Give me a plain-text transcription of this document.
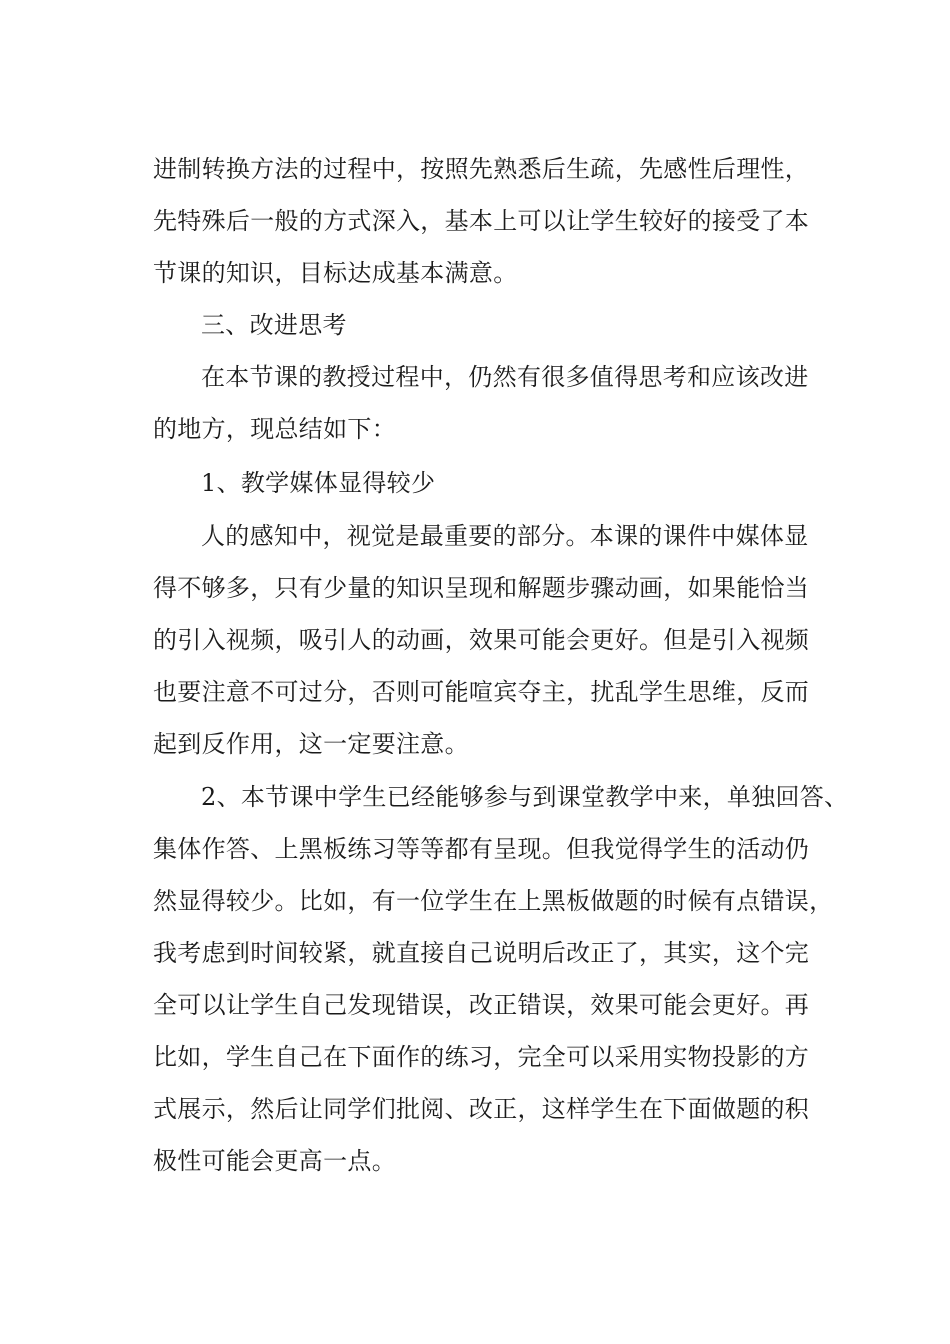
进制转换方法的过程中，按照先熟悉后生疏，先感性后理性，
先特殊后一般的方式深入，基本上可以让学生较好的接受了本
节课的知识，目标达成基本满意。
三、改进思考
在本节课的教授过程中，仍然有很多值得思考和应该改进
的地方，现总结如下：
1、教学媒体显得较少
人的感知中，视觉是最重要的部分。本课的课件中媒体显
得不够多，只有少量的知识呈现和解题步骤动画，如果能恰当
的引入视频，吸引人的动画，效果可能会更好。但是引入视频
也要注意不可过分，否则可能喧宾夺主，扰乱学生思维，反而
起到反作用，这一定要注意。
2、本节课中学生已经能够参与到课堂教学中来，单独回答、
集体作答、上黑板练习等等都有呈现。但我觉得学生的活动仍
然显得较少。比如，有一位学生在上黑板做题的时候有点错误，
我考虑到时间较紧，就直接自己说明后改正了，其实，这个完
全可以让学生自己发现错误，改正错误，效果可能会更好。再
比如，学生自己在下面作的练习，完全可以采用实物投影的方
式展示，然后让同学们批阅、改正，这样学生在下面做题的积
极性可能会更高一点。
